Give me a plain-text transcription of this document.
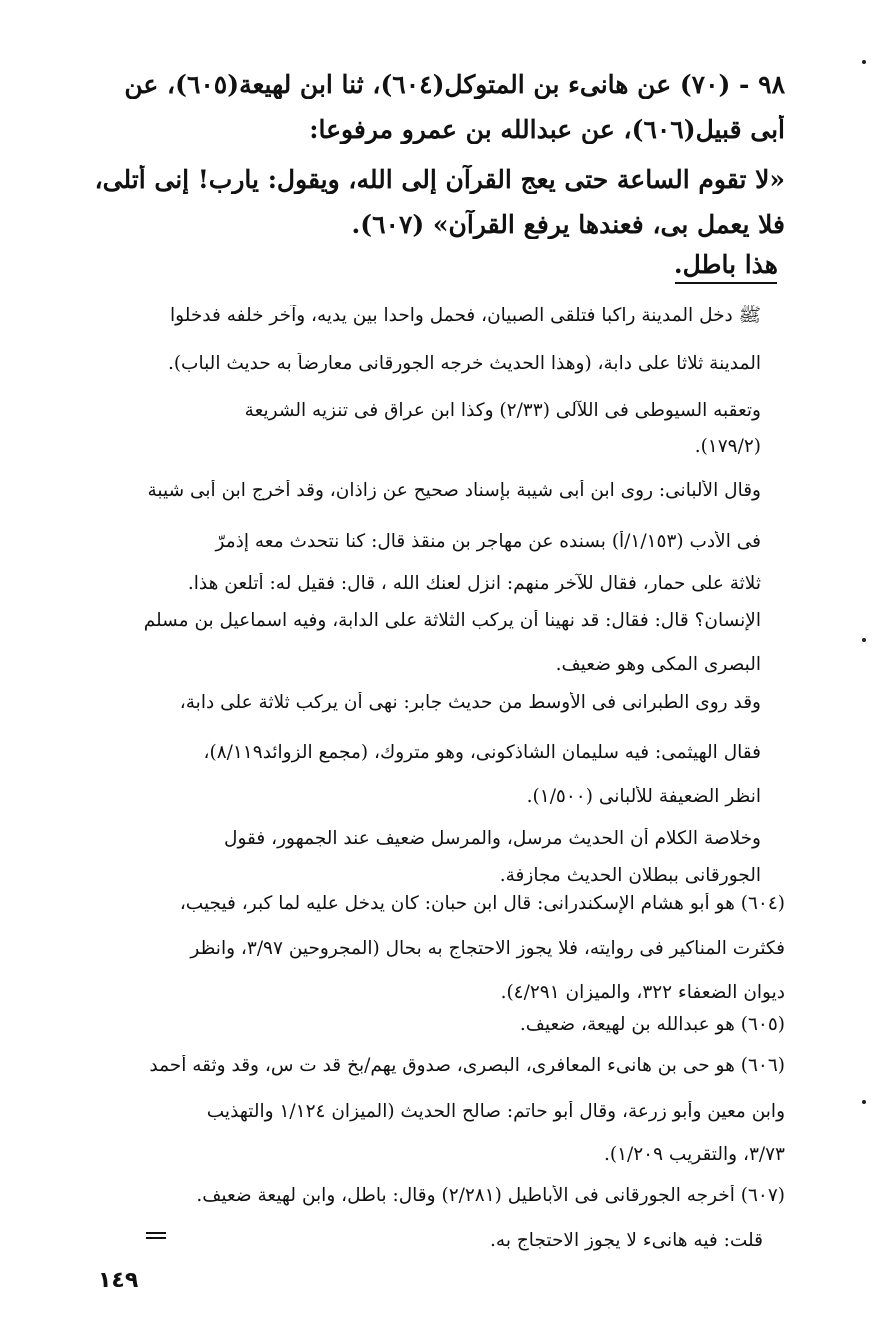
٩٨ - (٧٠) عن هانىء بن المتوكل(٦٠٤)، ثنا ابن لهيعة(٦٠٥)، عن
أبى قبيل(٦٠٦)، عن عبدالله بن عمرو مرفوعا:
«لا تقوم الساعة حتى يعج القرآن إلى الله، ويقول: يارب! إنى أتلى،
فلا يعمل بى، فعندها يرفع القرآن» (٦٠٧).
هذا باطل.
ﷺ دخل المدينة راكبا فتلقى الصبيان، فحمل واحدا بين يديه، وآخر خلفه فدخلوا
المدينة ثلاثا على دابة، (وهذا الحديث خرجه الجورقانى معارضاً به حديث الباب).
وتعقبه السيوطى فى اللآلى (٢/٣٣) وكذا ابن عراق فى تنزيه الشريعة
(١٧٩/٢).
وقال الألبانى: روى ابن أبى شيبة بإسناد صحيح عن زاذان، وقد أخرج ابن أبى شيبة
فى الأدب (١/١٥٣/أ) بسنده عن مهاجر بن منقذ قال: كنا نتحدث معه إذمرّ
ثلاثة على حمار، فقال للآخر منهم: انزل لعنك الله ، قال: فقيل له: أتلعن هذا.
الإنسان؟ قال: فقال: قد نهينا أن يركب الثلاثة على الدابة، وفيه اسماعيل بن مسلم
البصرى المكى وهو ضعيف.
وقد روى الطبرانى فى الأوسط من حديث جابر: نهى أن يركب ثلاثة على دابة،
فقال الهيثمى: فيه سليمان الشاذكونى، وهو متروك، (مجمع الزوائد٨/١١٩)،
انظر الضعيفة للألبانى (١/٥٠٠).
وخلاصة الكلام أن الحديث مرسل، والمرسل ضعيف عند الجمهور، فقول
الجورقانى ببطلان الحديث مجازفة.
(٦٠٤) هو أبو هشام الإسكندرانى: قال ابن حبان: كان يدخل عليه لما كبر، فيجيب،
فكثرت المناكير فى روايته، فلا يجوز الاحتجاج به بحال (المجروحين ٣/٩٧، وانظر
ديوان الضعفاء ٣٢٢، والميزان ٤/٢٩١).
(٦٠٥) هو عبدالله بن لهيعة، ضعيف.
(٦٠٦) هو حى بن هانىء المعافرى، البصرى، صدوق يهم/بخ قد ت س، وقد وثقه أحمد
وابن معين وأبو زرعة، وقال أبو حاتم: صالح الحديث (الميزان ١/١٢٤ والتهذيب
٣/٧٣، والتقريب ١/٢٠٩).
(٦٠٧) أخرجه الجورقانى فى الأباطيل (٢/٢٨١) وقال: باطل، وابن لهيعة ضعيف.
قلت: فيه هانىء لا يجوز الاحتجاج به.
١٤٩
